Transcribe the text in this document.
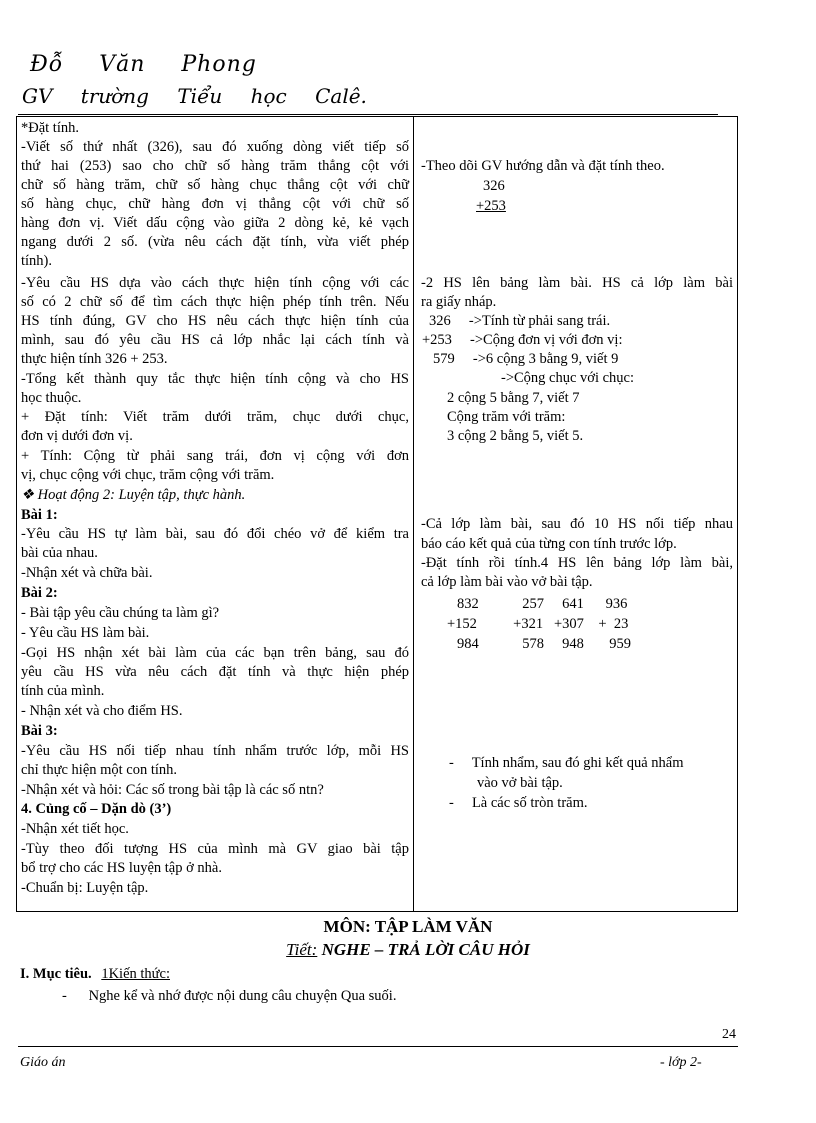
Đỗ Văn Phong
GV trường Tiểu học Calê.
*Đặt tính.
-Viết số thứ nhất (326), sau đó xuống dòng viết tiếp số
thứ hai (253) sao cho chữ số hàng trăm thẳng cột với
chữ số hàng trăm, chữ số hàng chục thẳng cột với chữ
số hàng chục, chữ hàng đơn vị thẳng cột với chữ số
hàng đơn vị. Viết dấu cộng vào giữa 2 dòng kẻ, kẻ vạch
ngang dưới 2 số. (vừa nêu cách đặt tính, vừa viết phép
tính).
-Yêu cầu HS dựa vào cách thực hiện tính cộng với các
số có 2 chữ số để tìm cách thực hiện phép tính trên. Nếu
HS tính đúng, GV cho HS nêu cách thực hiện tính của
mình, sau đó yêu cầu HS cả lớp nhắc lại cách tính và
thực hiện tính 326 + 253.
-Tổng kết thành quy tắc thực hiện tính cộng và cho HS
học thuộc.
+ Đặt tính: Viết trăm dưới trăm, chục dưới chục,
đơn vị dưới đơn vị.
+ Tính: Cộng từ phải sang trái, đơn vị cộng với đơn
vị, chục cộng với chục, trăm cộng với trăm.
❖ Hoạt động 2: Luyện tập, thực hành.
Bài 1:
-Yêu cầu HS tự làm bài, sau đó đổi chéo vở để kiểm tra
bài của nhau.
-Nhận xét và chữa bài.
Bài 2:
- Bài tập yêu cầu chúng ta làm gì?
- Yêu cầu HS làm bài.
-Gọi HS nhận xét bài làm của các bạn trên bảng, sau đó
yêu cầu HS vừa nêu cách đặt tính và thực hiện phép
tính của mình.
- Nhận xét và cho điểm HS.
Bài 3:
-Yêu cầu HS nối tiếp nhau tính nhẩm trước lớp, mỗi HS
chỉ thực hiện một con tính.
-Nhận xét và hỏi: Các số trong bài tập là các số ntn?
4. Củng cố – Dặn dò (3’)
-Nhận xét tiết học.
-Tùy theo đối tượng HS của mình mà GV giao bài tập
bổ trợ cho các HS luyện tập ở nhà.
-Chuẩn bị: Luyện tập.
-Theo dõi GV hướng dẫn và đặt tính theo.
326
+253
-2 HS lên bảng làm bài. HS cả lớp làm bài
ra giấy nháp.
326     ->Tính từ phải sang trái.
+253     ->Cộng đơn vị với đơn vị:
579     ->6 cộng 3 bằng 9, viết 9
->Cộng chục với chục:
2 cộng 5 bằng 7, viết 7
Cộng trăm với trăm:
3 cộng 2 bằng 5, viết 5.
-Cả lớp làm bài, sau đó 10 HS nối tiếp nhau
báo cáo kết quả của từng con tính trước lớp.
-Đặt tính rồi tính.4 HS lên bảng lớp làm bài,
cả lớp làm bài vào vở bài tập.
832            257     641      936
+152          +321   +307    +  23
984            578     948       959
-     Tính nhẩm, sau đó ghi kết quả nhẩm
vào vở bài tập.
-     Là các số tròn trăm.
MÔN: TẬP LÀM VĂN
Tiết: NGHE – TRẢ LỜI CÂU HỎI
I. Mục tiêu. 1Kiến thức:
-      Nghe kể và nhớ được nội dung câu chuyện Qua suối.
24
Giáo án	- lớp 2-
